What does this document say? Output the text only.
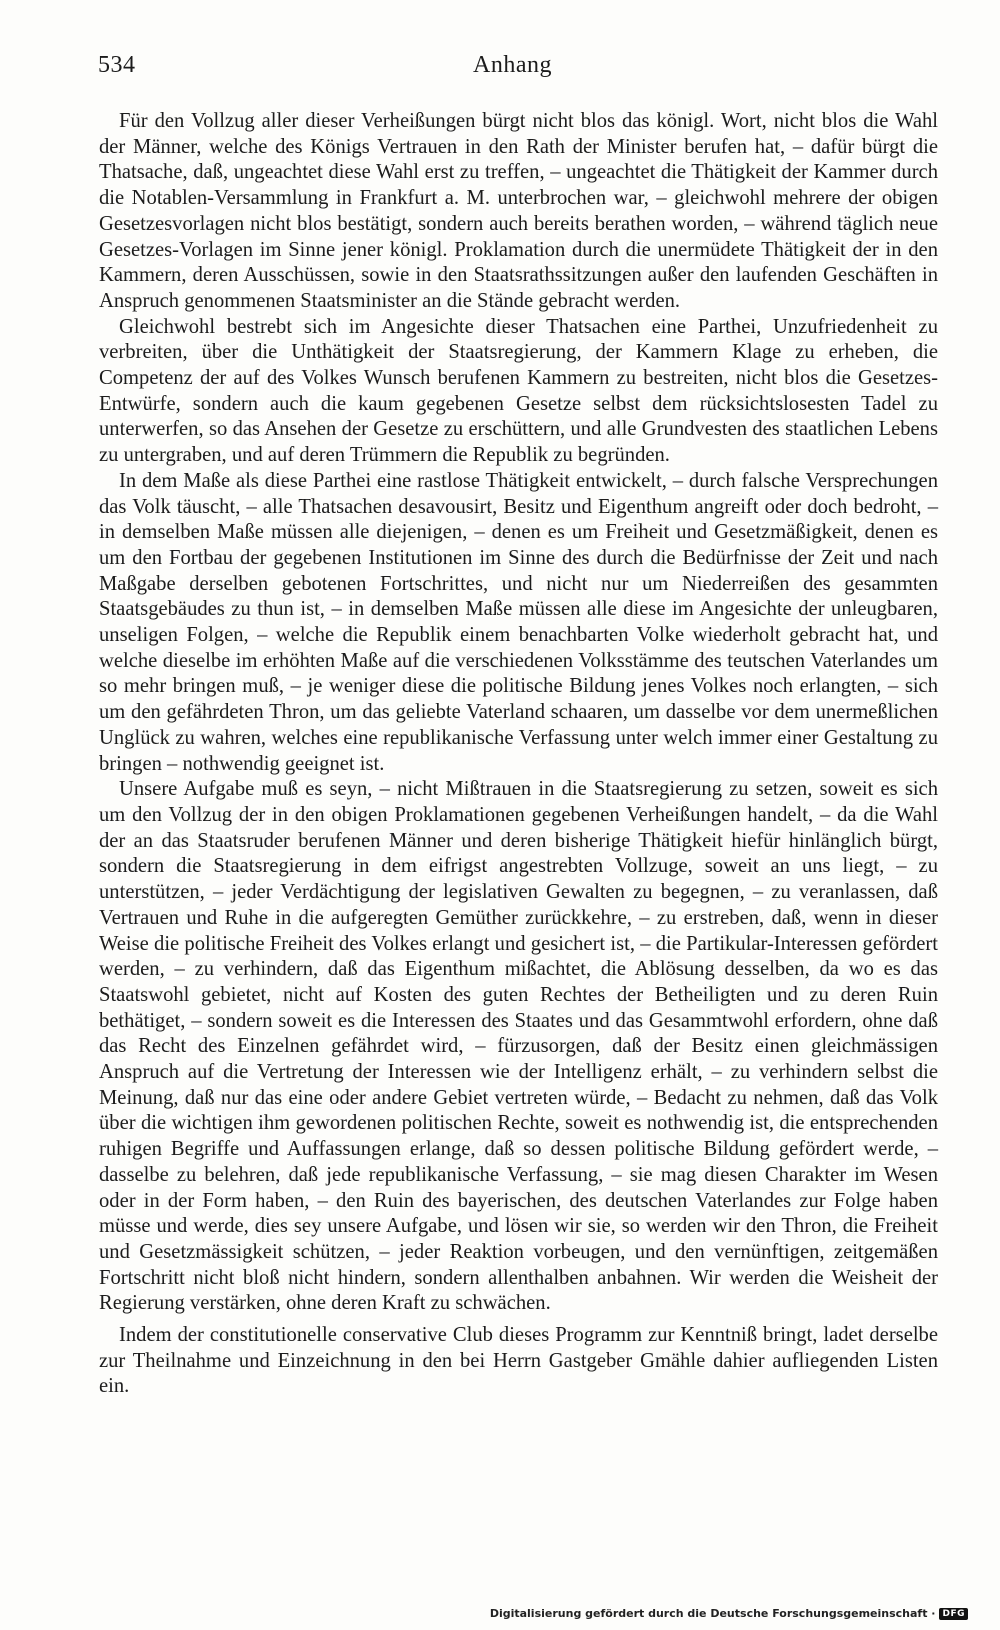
534	Anhang

Für den Vollzug aller dieser Verheißungen bürgt nicht blos das königl. Wort, nicht blos die Wahl der Männer, welche des Königs Vertrauen in den Rath der Minister berufen hat, – dafür bürgt die Thatsache, daß, ungeachtet diese Wahl erst zu treffen, – ungeachtet die Thätigkeit der Kammer durch die Notablen-Versammlung in Frankfurt a. M. unterbrochen war, – gleichwohl mehrere der obigen Gesetzesvorlagen nicht blos bestätigt, sondern auch bereits berathen worden, – während täglich neue Gesetzes-Vorlagen im Sinne jener königl. Proklamation durch die unermüdete Thätigkeit der in den Kammern, deren Ausschüssen, sowie in den Staatsrathssitzungen außer den laufenden Geschäften in Anspruch genommenen Staatsminister an die Stände gebracht werden.

Gleichwohl bestrebt sich im Angesichte dieser Thatsachen eine Parthei, Unzufriedenheit zu verbreiten, über die Unthätigkeit der Staatsregierung, der Kammern Klage zu erheben, die Competenz der auf des Volkes Wunsch berufenen Kammern zu bestreiten, nicht blos die Gesetzes-Entwürfe, sondern auch die kaum gegebenen Gesetze selbst dem rücksichtslosesten Tadel zu unterwerfen, so das Ansehen der Gesetze zu erschüttern, und alle Grundvesten des staatlichen Lebens zu untergraben, und auf deren Trümmern die Republik zu begründen.

In dem Maße als diese Parthei eine rastlose Thätigkeit entwickelt, – durch falsche Versprechungen das Volk täuscht, – alle Thatsachen desavousirt, Besitz und Eigenthum angreift oder doch bedroht, – in demselben Maße müssen alle diejenigen, – denen es um Freiheit und Gesetzmäßigkeit, denen es um den Fortbau der gegebenen Institutionen im Sinne des durch die Bedürfnisse der Zeit und nach Maßgabe derselben gebotenen Fortschrittes, und nicht nur um Niederreißen des gesammten Staatsgebäudes zu thun ist, – in demselben Maße müssen alle diese im Angesichte der unleugbaren, unseligen Folgen, – welche die Republik einem benachbarten Volke wiederholt gebracht hat, und welche dieselbe im erhöhten Maße auf die verschiedenen Volksstämme des teutschen Vaterlandes um so mehr bringen muß, – je weniger diese die politische Bildung jenes Volkes noch erlangten, – sich um den gefährdeten Thron, um das geliebte Vaterland schaaren, um dasselbe vor dem unermeßlichen Unglück zu wahren, welches eine republikanische Verfassung unter welch immer einer Gestaltung zu bringen – nothwendig geeignet ist.

Unsere Aufgabe muß es seyn, – nicht Mißtrauen in die Staatsregierung zu setzen, soweit es sich um den Vollzug der in den obigen Proklamationen gegebenen Verheißungen handelt, – da die Wahl der an das Staatsruder berufenen Männer und deren bisherige Thätigkeit hiefür hinlänglich bürgt, sondern die Staatsregierung in dem eifrigst angestrebten Vollzuge, soweit an uns liegt, – zu unterstützen, – jeder Verdächtigung der legislativen Gewalten zu begegnen, – zu veranlassen, daß Vertrauen und Ruhe in die aufgeregten Gemüther zurückkehre, – zu erstreben, daß, wenn in dieser Weise die politische Freiheit des Volkes erlangt und gesichert ist, – die Partikular-Interessen gefördert werden, – zu verhindern, daß das Eigenthum mißachtet, die Ablösung desselben, da wo es das Staatswohl gebietet, nicht auf Kosten des guten Rechtes der Betheiligten und zu deren Ruin bethätiget, – sondern soweit es die Interessen des Staates und das Gesammtwohl erfordern, ohne daß das Recht des Einzelnen gefährdet wird, – fürzusorgen, daß der Besitz einen gleichmässigen Anspruch auf die Vertretung der Interessen wie der Intelligenz erhält, – zu verhindern selbst die Meinung, daß nur das eine oder andere Gebiet vertreten würde, – Bedacht zu nehmen, daß das Volk über die wichtigen ihm gewordenen politischen Rechte, soweit es nothwendig ist, die entsprechenden ruhigen Begriffe und Auffassungen erlange, daß so dessen politische Bildung gefördert werde, – dasselbe zu belehren, daß jede republikanische Verfassung, – sie mag diesen Charakter im Wesen oder in der Form haben, – den Ruin des bayerischen, des deutschen Vaterlandes zur Folge haben müsse und werde, dies sey unsere Aufgabe, und lösen wir sie, so werden wir den Thron, die Freiheit und Gesetzmässigkeit schützen, – jeder Reaktion vorbeugen, und den vernünftigen, zeitgemäßen Fortschritt nicht bloß nicht hindern, sondern allenthalben anbahnen. Wir werden die Weisheit der Regierung verstärken, ohne deren Kraft zu schwächen.

Indem der constitutionelle conservative Club dieses Programm zur Kenntniß bringt, ladet derselbe zur Theilnahme und Einzeichnung in den bei Herrn Gastgeber Gmähle dahier aufliegenden Listen ein.

Digitalisierung gefördert durch die Deutsche Forschungsgemeinschaft · DFG
